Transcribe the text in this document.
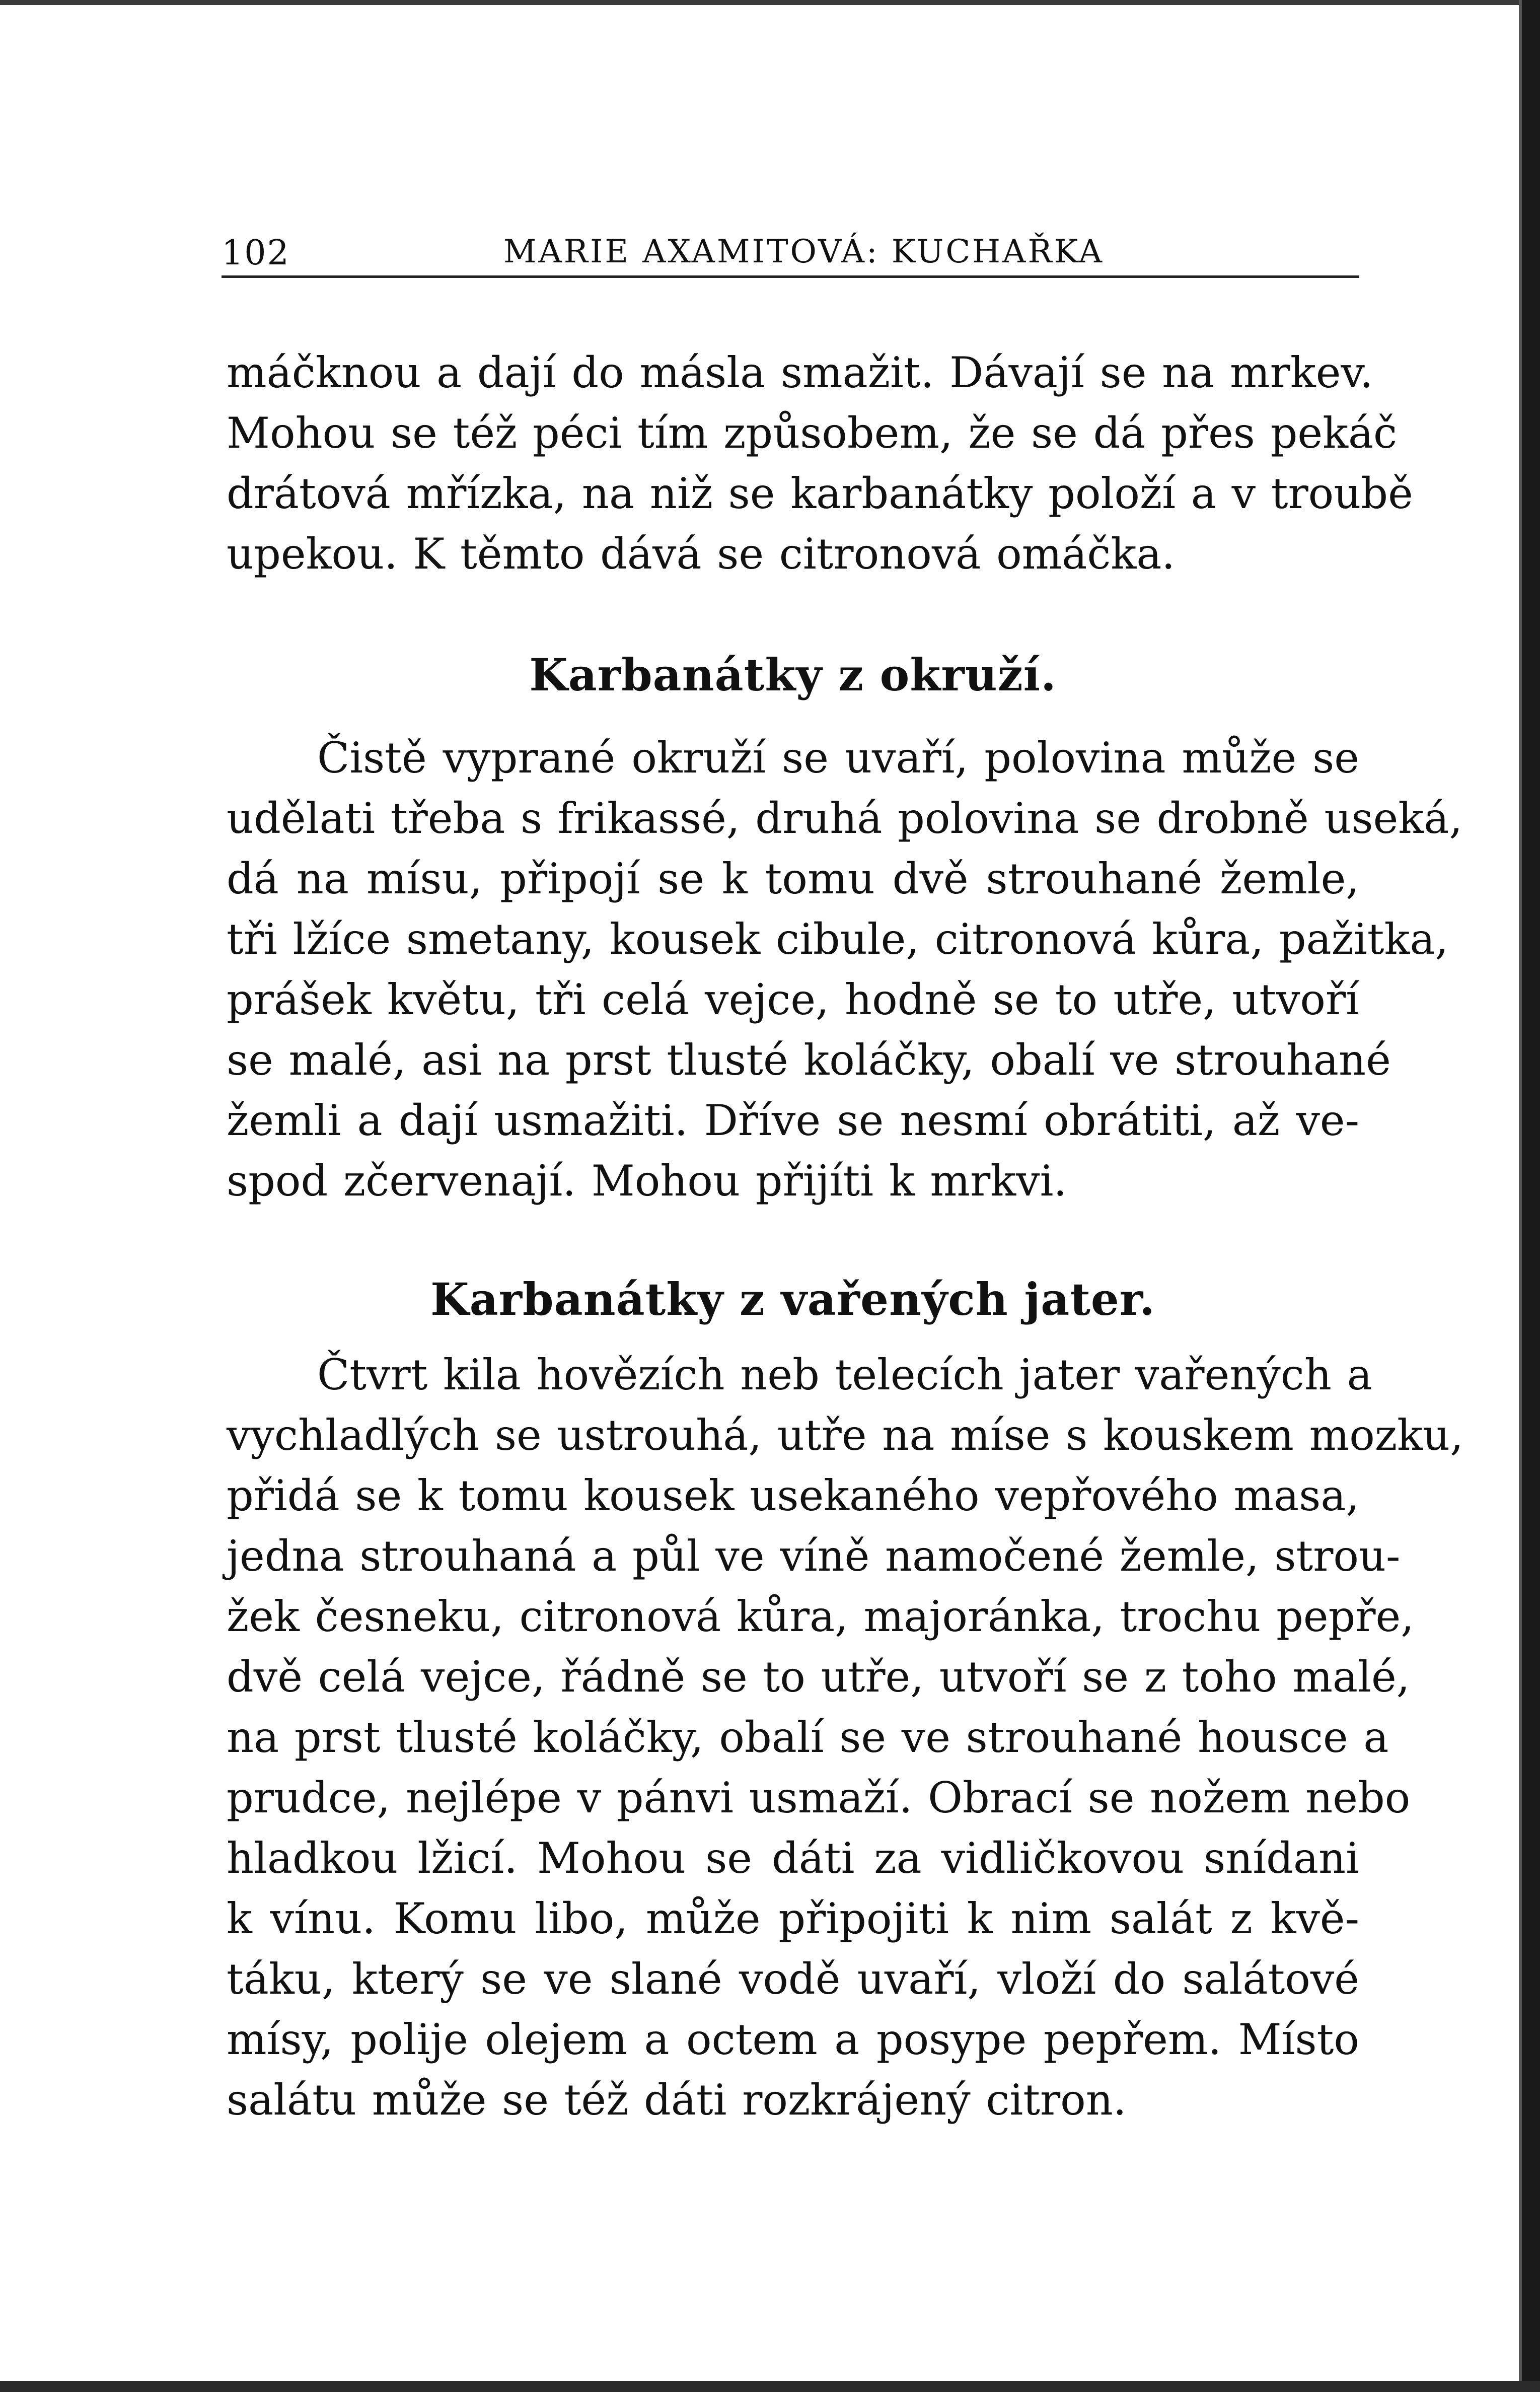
102	MARIE AXAMITOVÁ: KUCHAŘKA
máčknou a dají do másla smažit. Dávají se na mrkev.
Mohou se též péci tím způsobem, že se dá přes pekáč
drátová mřízka, na niž se karbanátky položí a v troubě
upekou. K těmto dává se citronová omáčka.
Karbanátky z okruží.
Čistě vyprané okruží se uvaří, polovina může se
udělati třeba s frikassé, druhá polovina se drobně useká,
dá na mísu, připojí se k tomu dvě strouhané žemle,
tři lžíce smetany, kousek cibule, citronová kůra, pažitka,
prášek květu, tři celá vejce, hodně se to utře, utvoří
se malé, asi na prst tlusté koláčky, obalí ve strouhané
žemli a dají usmažiti. Dříve se nesmí obrátiti, až ve-
spod zčervenají. Mohou přijíti k mrkvi.
Karbanátky z vařených jater.
Čtvrt kila hovězích neb telecích jater vařených a
vychladlých se ustrouhá, utře na míse s kouskem mozku,
přidá se k tomu kousek usekaného vepřového masa,
jedna strouhaná a půl ve víně namočené žemle, strou-
žek česneku, citronová kůra, majoránka, trochu pepře,
dvě celá vejce, řádně se to utře, utvoří se z toho malé,
na prst tlusté koláčky, obalí se ve strouhané housce a
prudce, nejlépe v pánvi usmaží. Obrací se nožem nebo
hladkou lžicí. Mohou se dáti za vidličkovou snídani
k vínu. Komu libo, může připojiti k nim salát z kvě-
táku, který se ve slané vodě uvaří, vloží do salátové
mísy, polije olejem a octem a posype pepřem. Místo
salátu může se též dáti rozkrájený citron.
